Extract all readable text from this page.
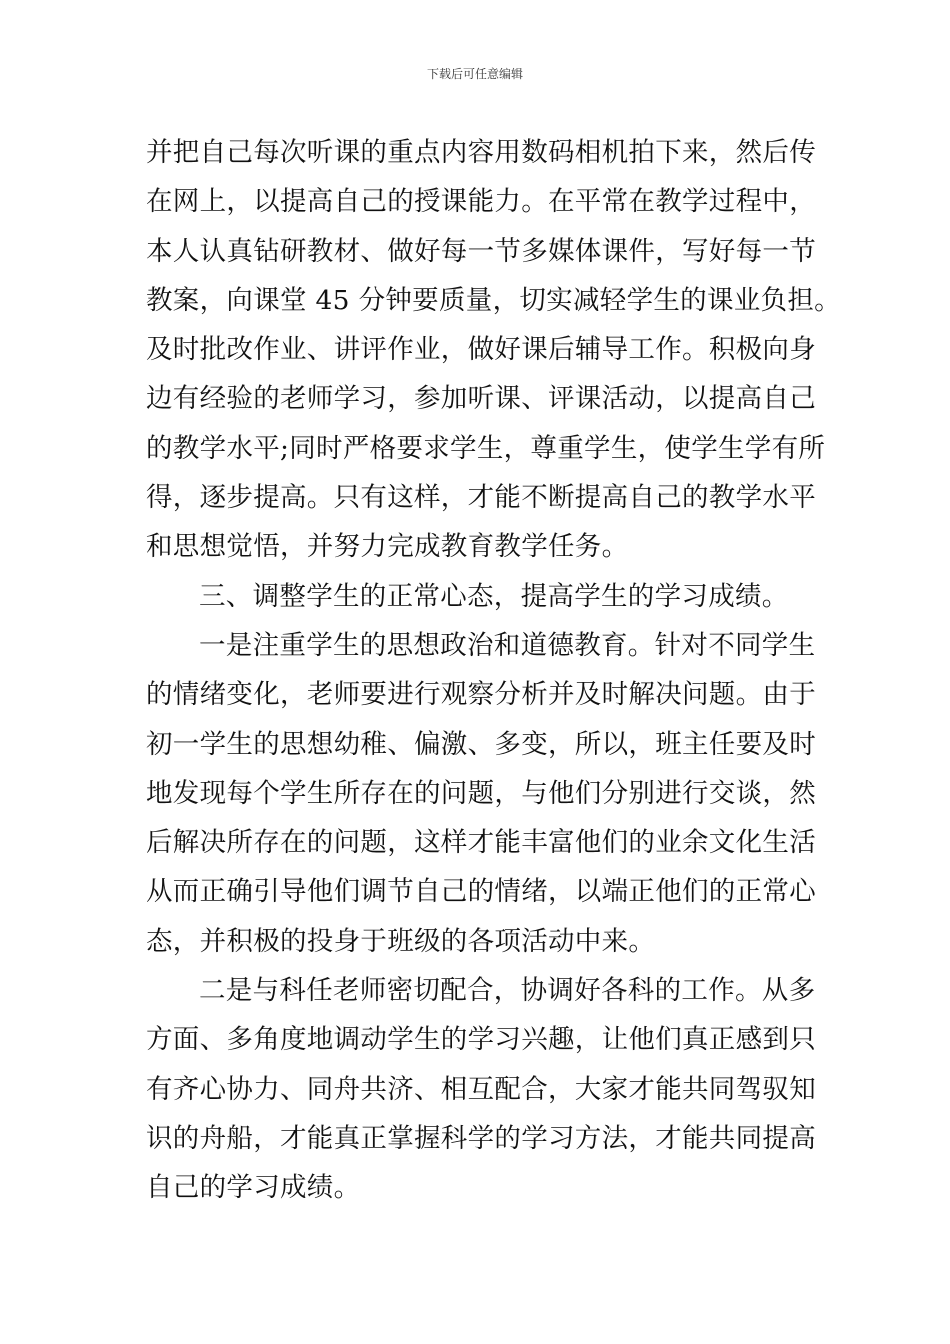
下载后可任意编辑
并把自己每次听课的重点内容用数码相机拍下来，然后传
在网上，以提高自己的授课能力。在平常在教学过程中，
本人认真钻研教材、做好每一节多媒体课件，写好每一节
教案，向课堂 45 分钟要质量，切实减轻学生的课业负担。
及时批改作业、讲评作业，做好课后辅导工作。积极向身
边有经验的老师学习，参加听课、评课活动，以提高自己
的教学水平;同时严格要求学生，尊重学生，使学生学有所
得，逐步提高。只有这样，才能不断提高自己的教学水平
和思想觉悟，并努力完成教育教学任务。
三、调整学生的正常心态，提高学生的学习成绩。
一是注重学生的思想政治和道德教育。针对不同学生
的情绪变化，老师要进行观察分析并及时解决问题。由于
初一学生的思想幼稚、偏激、多变，所以，班主任要及时
地发现每个学生所存在的问题，与他们分别进行交谈，然
后解决所存在的问题，这样才能丰富他们的业余文化生活
从而正确引导他们调节自己的情绪，以端正他们的正常心
态，并积极的投身于班级的各项活动中来。
二是与科任老师密切配合，协调好各科的工作。从多
方面、多角度地调动学生的学习兴趣，让他们真正感到只
有齐心协力、同舟共济、相互配合，大家才能共同驾驭知
识的舟船，才能真正掌握科学的学习方法，才能共同提高
自己的学习成绩。
